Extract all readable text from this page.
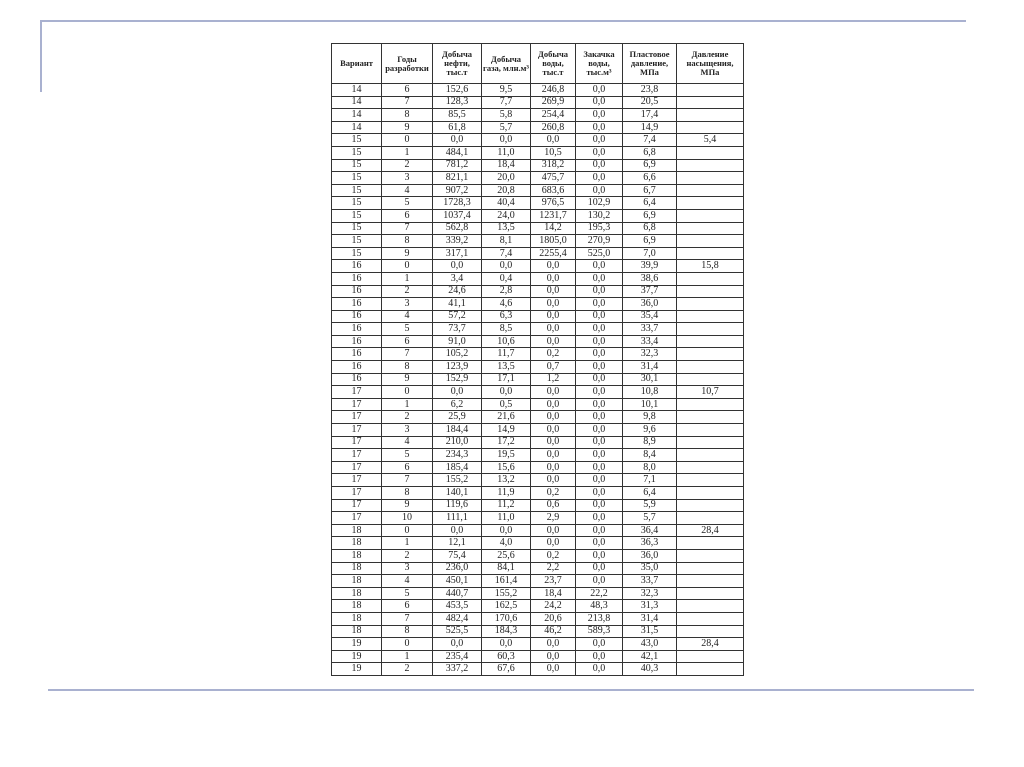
Вариант	Годы разработки	Добыча нефти, тыс.т	Добыча газа, млн.м³	Добыча воды, тыс.т	Закачка воды, тыс.м³	Пластовое давление, МПа	Давление насыщения, МПа
14	6	152,6	9,5	246,8	0,0	23,8	
14	7	128,3	7,7	269,9	0,0	20,5	
14	8	85,5	5,8	254,4	0,0	17,4	
14	9	61,8	5,7	260,8	0,0	14,9	
15	0	0,0	0,0	0,0	0,0	7,4	5,4
15	1	484,1	11,0	10,5	0,0	6,8	
15	2	781,2	18,4	318,2	0,0	6,9	
15	3	821,1	20,0	475,7	0,0	6,6	
15	4	907,2	20,8	683,6	0,0	6,7	
15	5	1728,3	40,4	976,5	102,9	6,4	
15	6	1037,4	24,0	1231,7	130,2	6,9	
15	7	562,8	13,5	14,2	195,3	6,8	
15	8	339,2	8,1	1805,0	270,9	6,9	
15	9	317,1	7,4	2255,4	525,0	7,0	
16	0	0,0	0,0	0,0	0,0	39,9	15,8
16	1	3,4	0,4	0,0	0,0	38,6	
16	2	24,6	2,8	0,0	0,0	37,7	
16	3	41,1	4,6	0,0	0,0	36,0	
16	4	57,2	6,3	0,0	0,0	35,4	
16	5	73,7	8,5	0,0	0,0	33,7	
16	6	91,0	10,6	0,0	0,0	33,4	
16	7	105,2	11,7	0,2	0,0	32,3	
16	8	123,9	13,5	0,7	0,0	31,4	
16	9	152,9	17,1	1,2	0,0	30,1	
17	0	0,0	0,0	0,0	0,0	10,8	10,7
17	1	6,2	0,5	0,0	0,0	10,1	
17	2	25,9	21,6	0,0	0,0	9,8	
17	3	184,4	14,9	0,0	0,0	9,6	
17	4	210,0	17,2	0,0	0,0	8,9	
17	5	234,3	19,5	0,0	0,0	8,4	
17	6	185,4	15,6	0,0	0,0	8,0	
17	7	155,2	13,2	0,0	0,0	7,1	
17	8	140,1	11,9	0,2	0,0	6,4	
17	9	119,6	11,2	0,6	0,0	5,9	
17	10	111,1	11,0	2,9	0,0	5,7	
18	0	0,0	0,0	0,0	0,0	36,4	28,4
18	1	12,1	4,0	0,0	0,0	36,3	
18	2	75,4	25,6	0,2	0,0	36,0	
18	3	236,0	84,1	2,2	0,0	35,0	
18	4	450,1	161,4	23,7	0,0	33,7	
18	5	440,7	155,2	18,4	22,2	32,3	
18	6	453,5	162,5	24,2	48,3	31,3	
18	7	482,4	170,6	20,6	213,8	31,4	
18	8	525,5	184,3	46,2	589,3	31,5	
19	0	0,0	0,0	0,0	0,0	43,0	28,4
19	1	235,4	60,3	0,0	0,0	42,1	
19	2	337,2	67,6	0,0	0,0	40,3	
